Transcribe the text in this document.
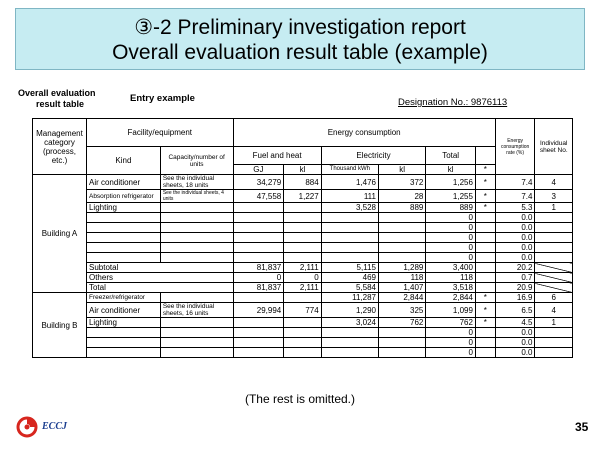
③-2 Preliminary investigation report
Overall evaluation result table (example)
Overall evaluation
result table	Entry example	Designation No.: 9876113
Management category (process, etc.)	Facility/equipment		Energy consumption						Energy consumption rate (%)	Individual sheet No.
	Kind	Capacity/number of units	Fuel and heat		Electricity		Total			
			GJ	kl	Thousand kWh	kl	kl	*		
Building A	Air conditioner	See the individual sheets, 18 units	34,279	884	1,476	372	1,256	*	7.4	4
	Absorption refrigerator	See the individual sheets, 4 units	47,558	1,227	111	28	1,255	*	7.4	3
	Lighting				3,528	889	889	*	5.3	1
							0		0.0	
							0		0.0	
							0		0.0	
							0		0.0	
							0		0.0	
	Subtotal		81,837	2,111	5,115	1,289	3,400		20.2	
	Others		0	0	469	118	118		0.7	
	Total		81,837	2,111	5,584	1,407	3,518		20.9	
Building B	Freezer/refrigerator				11,287	2,844	2,844	*	16.9	6
	Air conditioner	See the individual sheets, 16 units	29,994	774	1,290	325	1,099	*	6.5	4
	Lighting				3,024	762	762	*	4.5	1
							0		0.0	
							0		0.0	
							0		0.0	
(The rest is omitted.)
ECCJ	35
